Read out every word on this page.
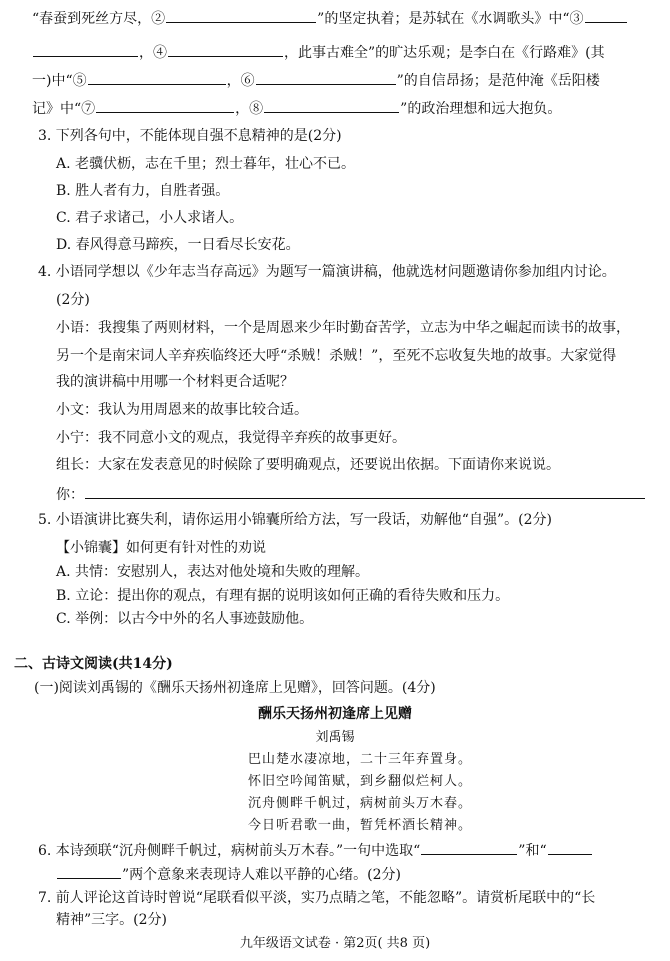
“春蚕到死丝方尽，②	”的坚定执着；是苏轼在《水调歌头》中“③
，④	，此事古难全”的旷达乐观；是李白在《行路难》(其
一)中“⑤	，⑥	”的自信昂扬；是范仲淹《岳阳楼
记》中“⑦	，⑧	”的政治理想和远大抱负。
3. 下列各句中，不能体现自强不息精神的是(2分)
A. 老骥伏枥，志在千里；烈士暮年，壮心不已。
B. 胜人者有力，自胜者强。
C. 君子求诸己，小人求诸人。
D. 春风得意马蹄疾，一日看尽长安花。
4. 小语同学想以《少年志当存高远》为题写一篇演讲稿，他就选材问题邀请你参加组内讨论。
(2分)
小语：我搜集了两则材料，一个是周恩来少年时勤奋苦学，立志为中华之崛起而读书的故事，
另一个是南宋词人辛弃疾临终还大呼“杀贼！杀贼！”，至死不忘收复失地的故事。大家觉得
我的演讲稿中用哪一个材料更合适呢？
小文：我认为用周恩来的故事比较合适。
小宁：我不同意小文的观点，我觉得辛弃疾的故事更好。
组长：大家在发表意见的时候除了要明确观点，还要说出依据。下面请你来说说。
你：
5. 小语演讲比赛失利，请你运用小锦囊所给方法，写一段话，劝解他“自强”。(2分)
【小锦囊】如何更有针对性的劝说
A. 共情：安慰别人，表达对他处境和失败的理解。
B. 立论：提出你的观点，有理有据的说明该如何正确的看待失败和压力。
C. 举例：以古今中外的名人事迹鼓励他。
二、古诗文阅读(共14分)
(一)阅读刘禹锡的《酬乐天扬州初逢席上见赠》，回答问题。(4分)
酬乐天扬州初逢席上见赠
刘禹锡
巴山楚水凄凉地，二十三年弃置身。
怀旧空吟闻笛赋，到乡翻似烂柯人。
沉舟侧畔千帆过，病树前头万木春。
今日听君歌一曲，暂凭杯酒长精神。
6. 本诗颈联“沉舟侧畔千帆过，病树前头万木春。”一句中选取“	”和“
”两个意象来表现诗人难以平静的心绪。(2分)
7. 前人评论这首诗时曾说“尾联看似平淡，实乃点睛之笔，不能忽略”。请赏析尾联中的“长
精神”三字。(2分)
九年级语文试卷 · 第2页( 共8 页)
